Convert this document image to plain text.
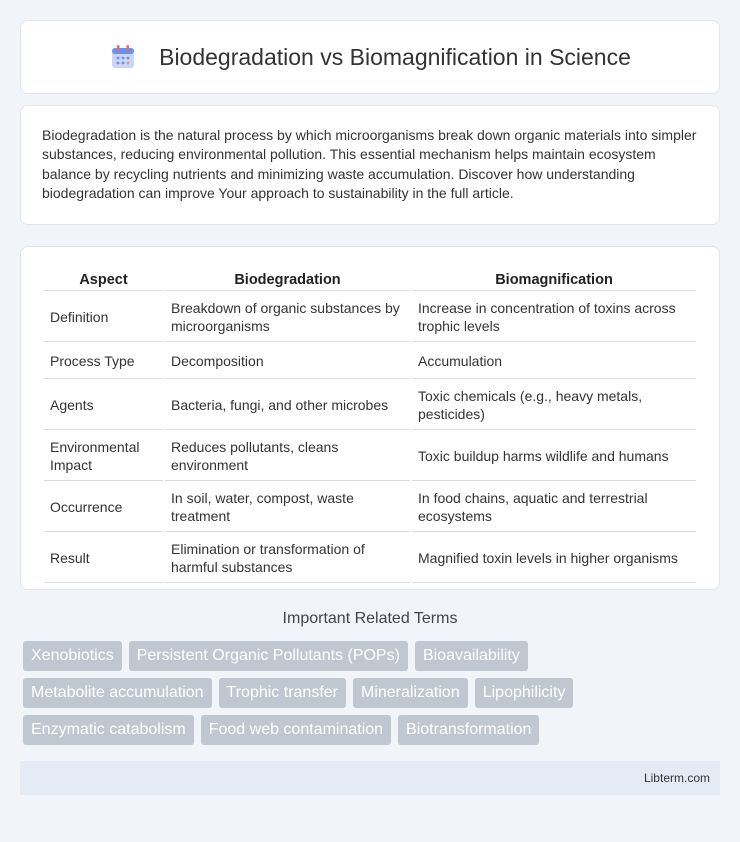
Biodegradation vs Biomagnification in Science
Biodegradation is the natural process by which microorganisms break down organic materials into simpler substances, reducing environmental pollution. This essential mechanism helps maintain ecosystem balance by recycling nutrients and minimizing waste accumulation. Discover how understanding biodegradation can improve Your approach to sustainability in the full article.
Aspect	Biodegradation	Biomagnification
Definition	Breakdown of organic substances by microorganisms	Increase in concentration of toxins across trophic levels
Process Type	Decomposition	Accumulation
Agents	Bacteria, fungi, and other microbes	Toxic chemicals (e.g., heavy metals, pesticides)
Environmental Impact	Reduces pollutants, cleans environment	Toxic buildup harms wildlife and humans
Occurrence	In soil, water, compost, waste treatment	In food chains, aquatic and terrestrial ecosystems
Result	Elimination or transformation of harmful substances	Magnified toxin levels in higher organisms
Important Related Terms
Xenobiotics	Persistent Organic Pollutants (POPs)	Bioavailability
Metabolite accumulation	Trophic transfer	Mineralization	Lipophilicity
Enzymatic catabolism	Food web contamination	Biotransformation
Libterm.com
